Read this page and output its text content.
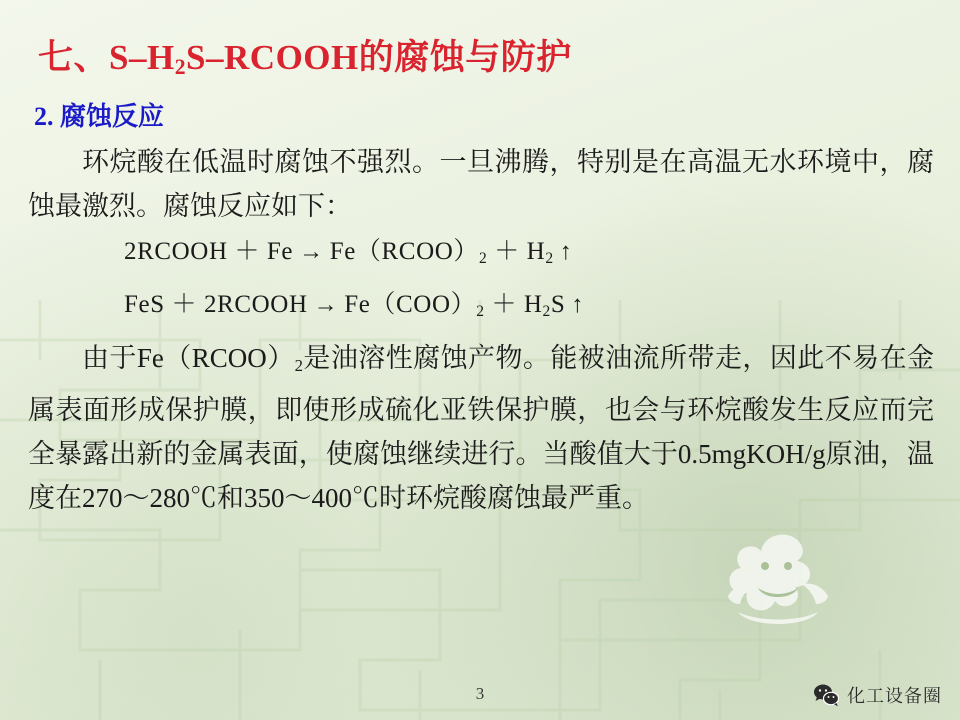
七、$S-H_2S$–RCOOH的腐蚀与防护
2. 腐蚀反应

环烷酸在低温时腐蚀不强烈。一旦沸腾，特别是在高温无水环境中，腐蚀最激烈。腐蚀反应如下：

2RCOOH ＋ $Fe \to Fe(RCOO)_2 + H_2$ ↑
FeS ＋ 2RCOOH → $Fe(COO)_2 + H_2S$ ↑

由于$Fe(RCOO)_2$是油溶性腐蚀产物。能被油流所带走，因此不易在金属表面形成保护膜，即使形成硫化亚铁保护膜，也会与环烷酸发生反应而完全暴露出新的金属表面，使腐蚀继续进行。当酸值大于0.5mgKOH/g原油，温度在270～280℃和350～400℃时环烷酸腐蚀最严重。

3	化工设备圈
